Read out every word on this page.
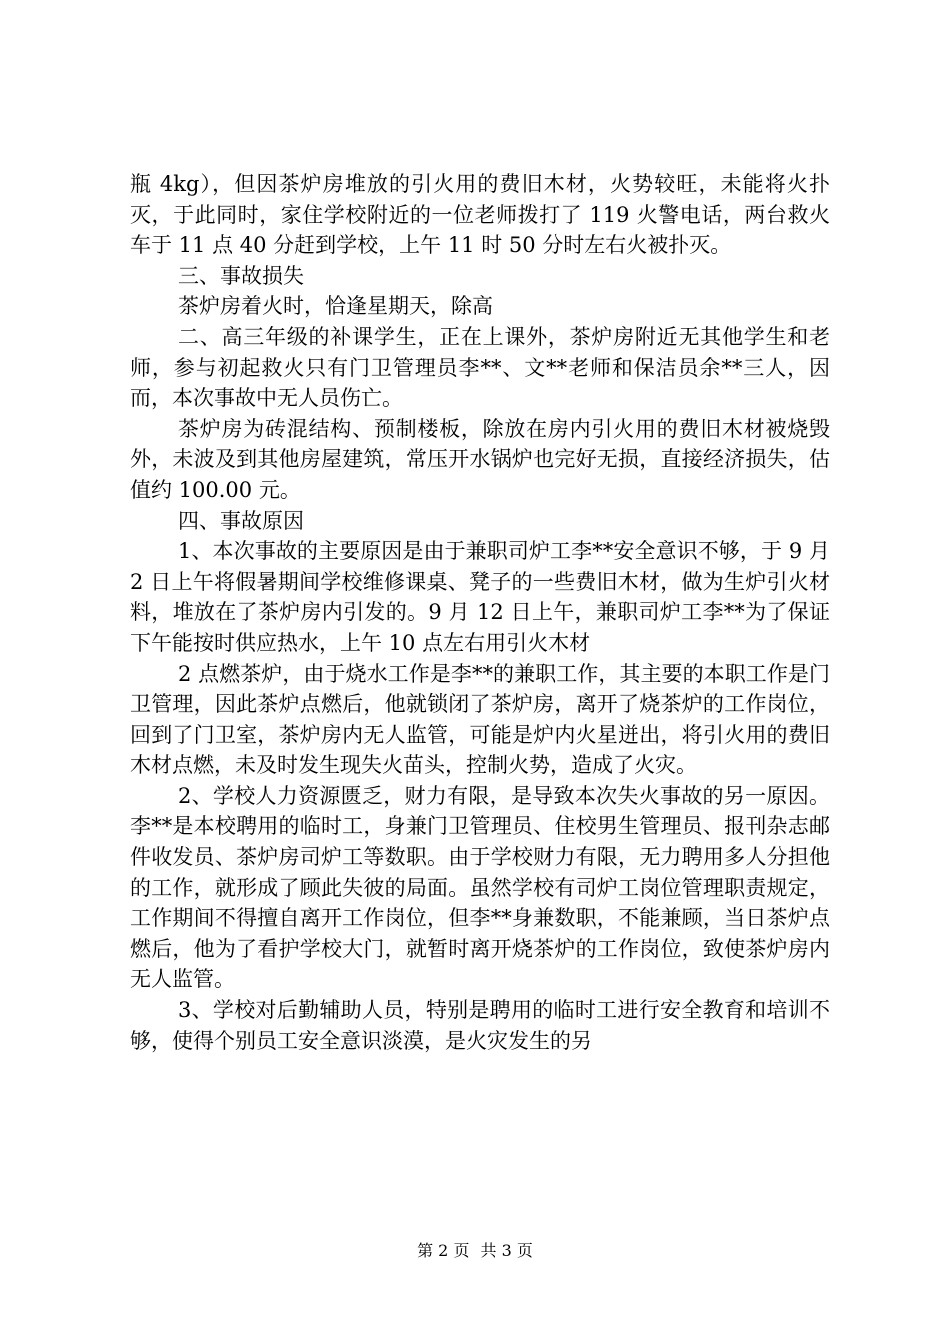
瓶 4kg），但因茶炉房堆放的引火用的费旧木材，火势较旺，未能将火扑灭，于此同时，家住学校附近的一位老师拨打了 119 火警电话，两台救火车于 11 点 40 分赶到学校，上午 11 时 50 分时左右火被扑灭。

三、事故损失

茶炉房着火时，恰逢星期天，除高

二、高三年级的补课学生，正在上课外，茶炉房附近无其他学生和老师，参与初起救火只有门卫管理员李**、文**老师和保洁员余**三人，因而，本次事故中无人员伤亡。

茶炉房为砖混结构、预制楼板，除放在房内引火用的费旧木材被烧毁外，未波及到其他房屋建筑，常压开水锅炉也完好无损，直接经济损失，估值约 100.00 元。

四、事故原因

1、本次事故的主要原因是由于兼职司炉工李**安全意识不够，于 9 月 2 日上午将假暑期间学校维修课桌、凳子的一些费旧木材，做为生炉引火材料，堆放在了茶炉房内引发的。9 月 12 日上午，兼职司炉工李**为了保证下午能按时供应热水，上午 10 点左右用引火木材

2 点燃茶炉，由于烧水工作是李**的兼职工作，其主要的本职工作是门卫管理，因此茶炉点燃后，他就锁闭了茶炉房，离开了烧茶炉的工作岗位，回到了门卫室，茶炉房内无人监管，可能是炉内火星迸出，将引火用的费旧木材点燃，未及时发生现失火苗头，控制火势，造成了火灾。

2、学校人力资源匮乏，财力有限，是导致本次失火事故的另一原因。李**是本校聘用的临时工，身兼门卫管理员、住校男生管理员、报刊杂志邮件收发员、茶炉房司炉工等数职。由于学校财力有限，无力聘用多人分担他的工作，就形成了顾此失彼的局面。虽然学校有司炉工岗位管理职责规定，工作期间不得擅自离开工作岗位，但李**身兼数职，不能兼顾，当日茶炉点燃后，他为了看护学校大门，就暂时离开烧茶炉的工作岗位，致使茶炉房内无人监管。

3、学校对后勤辅助人员，特别是聘用的临时工进行安全教育和培训不够，使得个别员工安全意识淡漠，是火灾发生的另

第 2 页 共 3 页
